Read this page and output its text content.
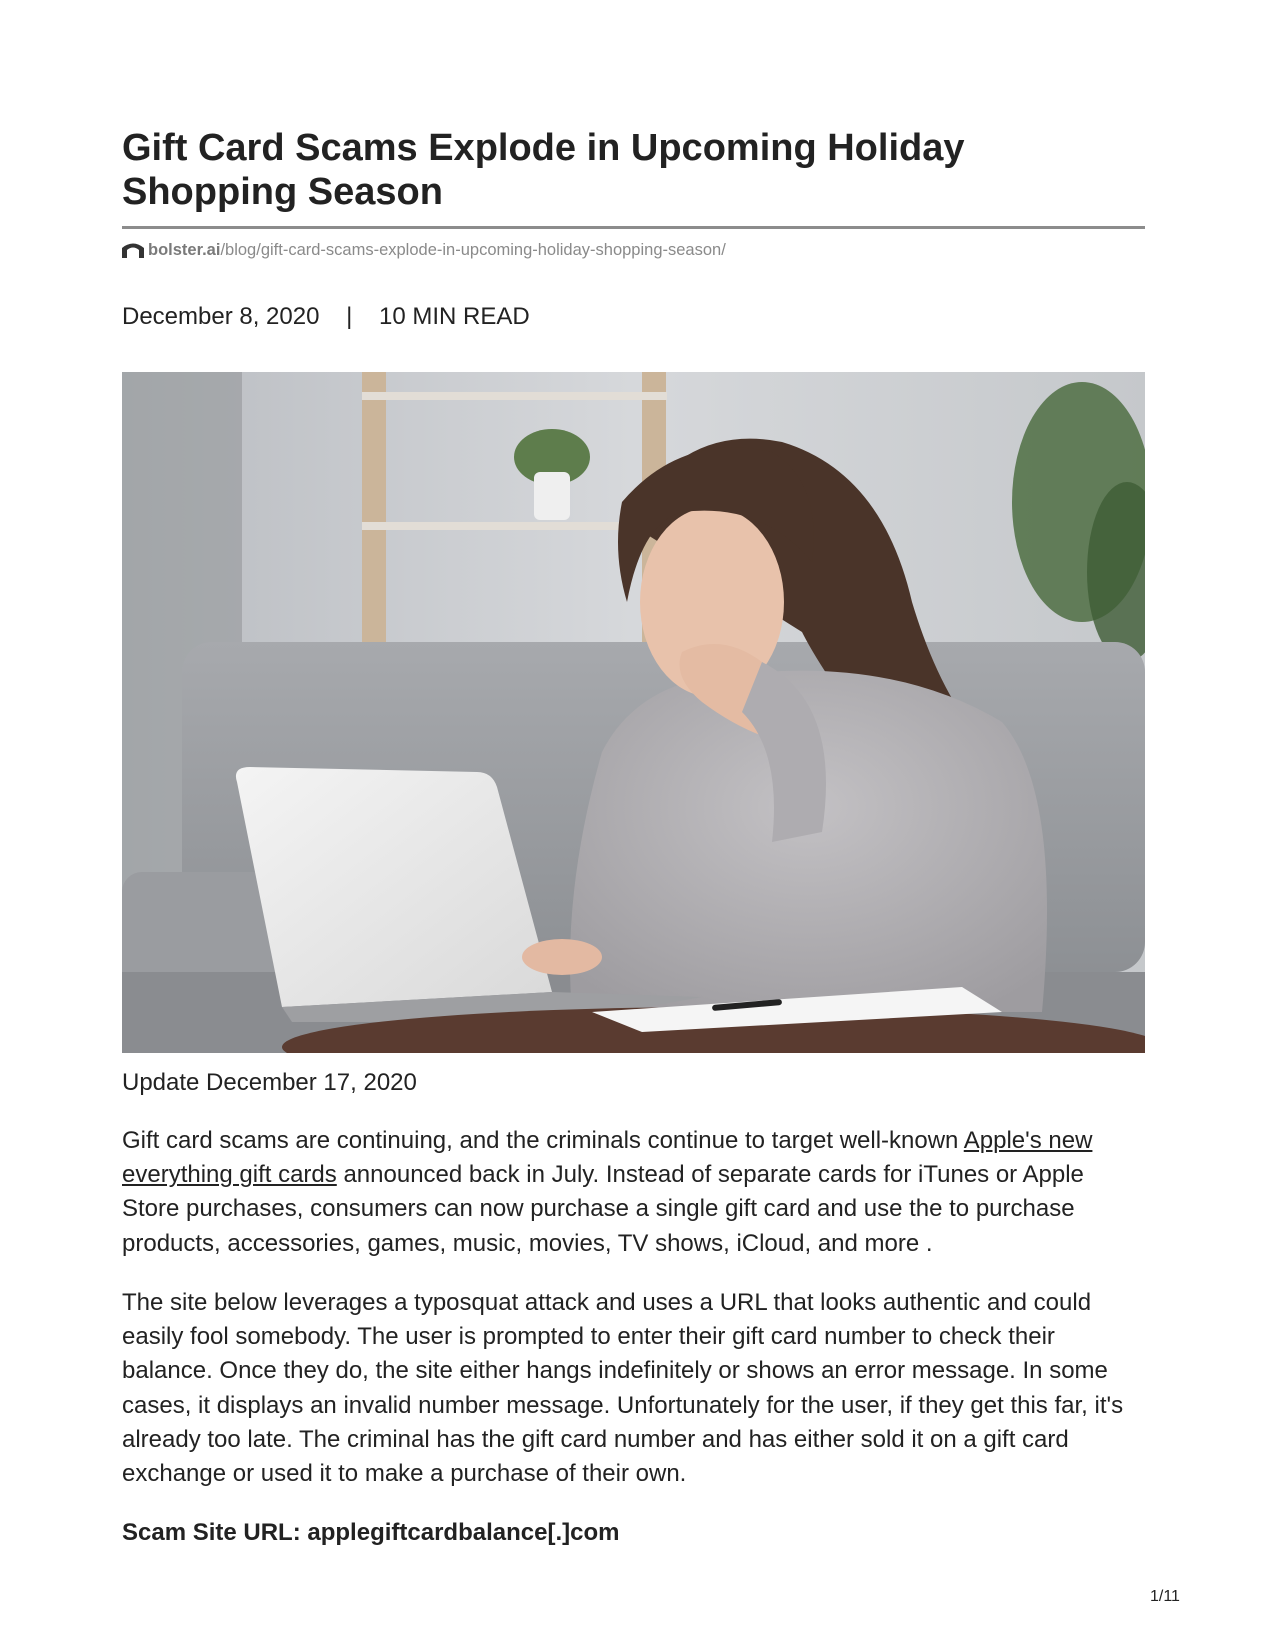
Gift Card Scams Explode in Upcoming Holiday Shopping Season
bolster.ai/blog/gift-card-scams-explode-in-upcoming-holiday-shopping-season/
December 8, 2020 | 10 MIN READ
Update December 17, 2020

Gift card scams are continuing, and the criminals continue to target well-known Apple's new everything gift cards announced back in July. Instead of separate cards for iTunes or Apple Store purchases, consumers can now purchase a single gift card and use the to purchase products, accessories, games, music, movies, TV shows, iCloud, and more .

The site below leverages a typosquat attack and uses a URL that looks authentic and could easily fool somebody. The user is prompted to enter their gift card number to check their balance. Once they do, the site either hangs indefinitely or shows an error message. In some cases, it displays an invalid number message. Unfortunately for the user, if they get this far, it's already too late. The criminal has the gift card number and has either sold it on a gift card exchange or used it to make a purchase of their own.

Scam Site URL: applegiftcardbalance[.]com
1/11
